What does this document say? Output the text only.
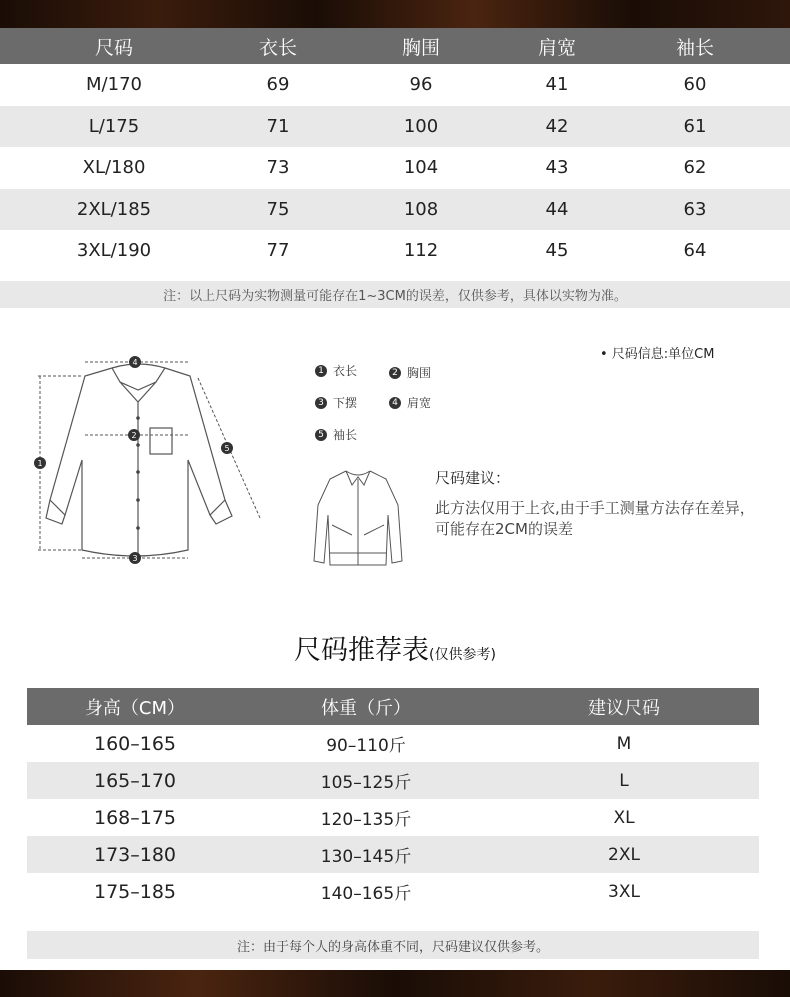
尺码	衣长	胸围	肩宽	袖长
M/170	69	96	41	60
L/175	71	100	42	61
XL/180	73	104	43	62
2XL/185	75	108	44	63
3XL/190	77	112	45	64
注：以上尺码为实物测量可能存在1~3CM的误差，仅供参考，具体以实物为准。
1
2
3
4
5
• 尺码信息:单位CM
1 衣长	2 胸围
3 下摆	4 肩宽
5 袖长
尺码建议：
此方法仅用于上衣,由于手工测量方法存在差异，可能存在2CM的误差
尺码推荐表(仅供参考)
身高（CM）	体重（斤）	建议尺码
160–165	90–110斤	M
165–170	105–125斤	L
168–175	120–135斤	XL
173–180	130–145斤	2XL
175–185	140–165斤	3XL
注：由于每个人的身高体重不同，尺码建议仅供参考。
